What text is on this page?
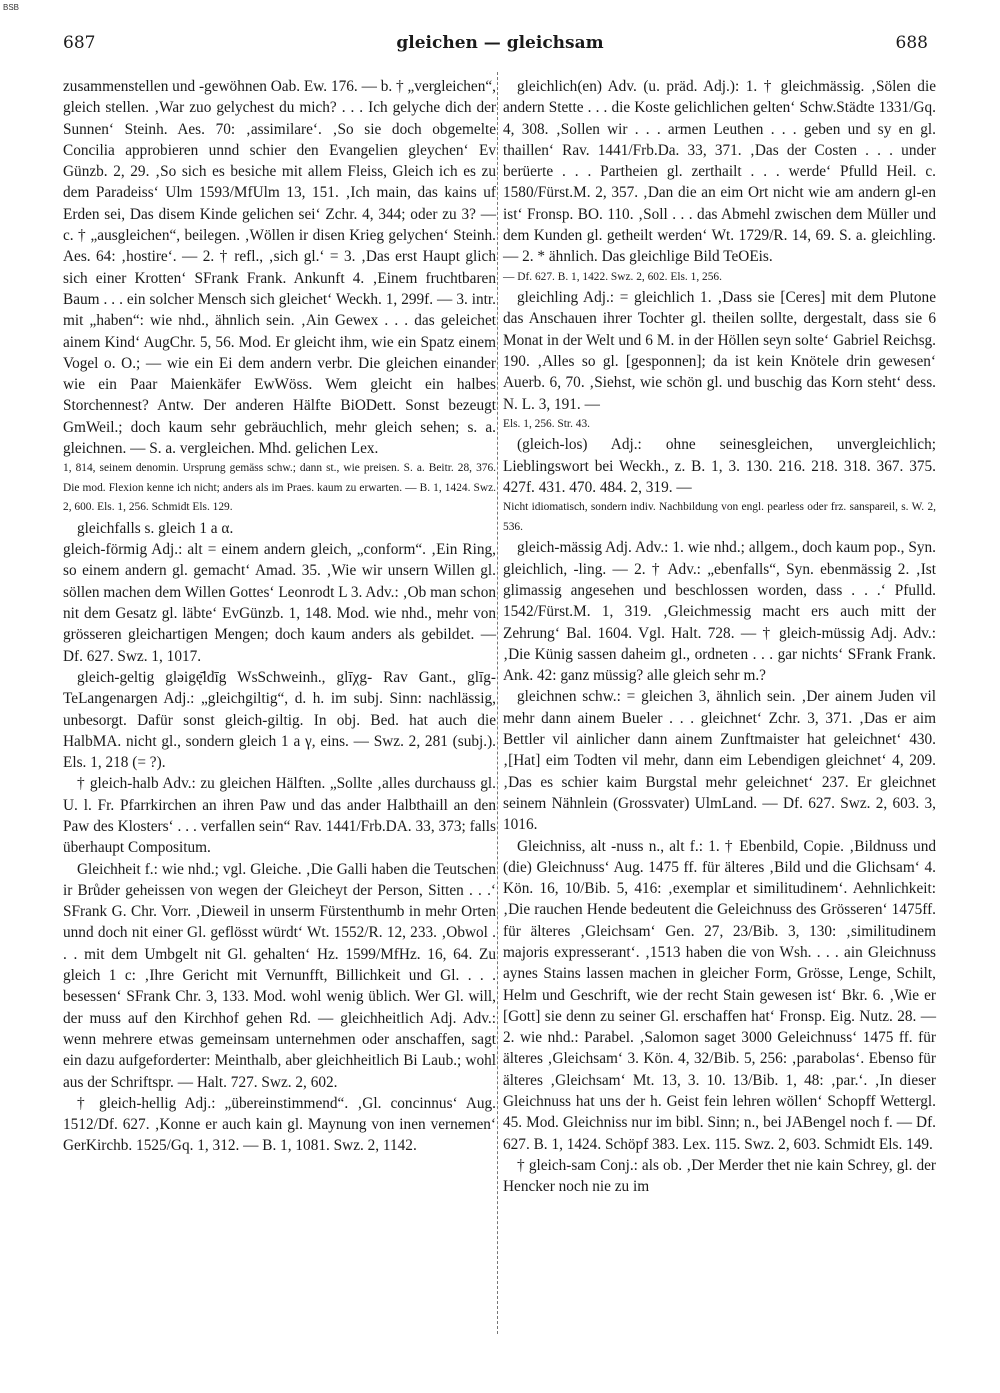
BSB
687	gleichen — gleichsam	688

zusammenstellen und -gewöhnen Oab. Ew. 176. — b. † „vergleichen“, gleich stellen. ‚War zuo gelychest du mich? . . . Ich gelyche dich der Sunnen‘ Steinh. Aes. 70: ‚assimilare‘. ‚So sie doch obgemelte Concilia approbieren unnd schier den Evangelien gleychen‘ Ev Günzb. 2, 29. ‚So sich es besiche mit allem Fleiss, Gleich ich es zu dem Paradeiss‘ Ulm 1593/MfUlm 13, 151. ‚Ich main, das kains uf Erden sei, Das disem Kinde gelichen sei‘ Zchr. 4, 344; oder zu 3? — c. † „ausgleichen“, beilegen. ‚Wöllen ir disen Krieg gelychen‘ Steinh. Aes. 64: ‚hostire‘. — 2. † refl., ‚sich gl.‘ = 3. ‚Das erst Haupt glich sich einer Krotten‘ SFrank Frank. Ankunft 4. ‚Einem fruchtbaren Baum . . . ein solcher Mensch sich gleichet‘ Weckh. 1, 299f. — 3. intr. mit „haben“: wie nhd., ähnlich sein. ‚Ain Gewex . . . das geleichet ainem Kind‘ AugChr. 5, 56. Mod. Er gleicht ihm, wie ein Spatz einem Vogel o. O.; — wie ein Ei dem andern verbr. Die gleichen einander wie ein Paar Maienkäfer EwWöss. Wem gleicht ein halbes Storchennest? Antw. Der anderen Hälfte BiODett. Sonst bezeugt GmWeil.; doch kaum sehr gebräuchlich, mehr gleich sehen; s. a. gleichnen. — S. a. vergleichen. Mhd. gelichen Lex.

1, 814, seinem denomin. Ursprung gemäss schw.; dann st., wie preisen. S. a. Beitr. 28, 376. Die mod. Flexion kenne ich nicht; anders als im Praes. kaum zu erwarten. — B. 1, 1424. Swz. 2, 600. Els. 1, 256. Schmidt Els. 129.

gleichfalls s. gleich 1 a α.

gleich-förmig Adj.: alt = einem andern gleich, „conform“. ‚Ein Ring, so einem andern gl. gemacht‘ Amad. 35. ‚Wie wir unsern Willen gl. söllen machen dem Willen Gottes‘ Leonrodt L 3. Adv.: ‚Ob man schon nit dem Gesatz gl. läbte‘ EvGünzb. 1, 148. Mod. wie nhd., mehr von grösseren gleichartigen Mengen; doch kaum anders als gebildet. — Df. 627. Swz. 1, 1017.

gleich-geltig gləigę̄ldīg WsSchweinh., glīχg- Rav Gant., glīg- TeLangenargen Adj.: „gleichgiltig“, d. h. im subj. Sinn: nachlässig, unbesorgt. Dafür sonst gleich-giltig. In obj. Bed. hat auch die HalbMA. nicht gl., sondern gleich 1 a γ, eins. — Swz. 2, 281 (subj.). Els. 1, 218 (= ?).

† gleich-halb Adv.: zu gleichen Hälften. „Sollte ‚alles durchauss gl. U. l. Fr. Pfarrkirchen an ihren Paw und das ander Halbthaill an den Paw des Klosters‘ . . . verfallen sein“ Rav. 1441/Frb.DA. 33, 373; falls überhaupt Compositum.

Gleichheit f.: wie nhd.; vgl. Gleiche. ‚Die Galli haben die Teutschen ir Brůder geheissen von wegen der Gleicheyt der Person, Sitten . . .‘ SFrank G. Chr. Vorr. ‚Dieweil in unserm Fürstenthumb in mehr Orten unnd doch nit einer Gl. geflösst würdt‘ Wt. 1552/R. 12, 233. ‚Obwol . . . mit dem Umbgelt nit Gl. gehalten‘ Hz. 1599/MfHz. 16, 64. Zu gleich 1 c: ‚Ihre Gericht mit Vernunfft, Billichkeit und Gl. . . . besessen‘ SFrank Chr. 3, 133. Mod. wohl wenig üblich. Wer Gl. will, der muss auf den Kirchhof gehen Rd. — gleichheitlich Adj. Adv.: wenn mehrere etwas gemeinsam unternehmen oder anschaffen, sagt ein dazu aufgeforderter: Meinthalb, aber gleichheitlich Bi Laub.; wohl aus der Schriftspr. — Halt. 727. Swz. 2, 602.

† gleich-hellig Adj.: „übereinstimmend“. ‚Gl. concinnus‘ Aug. 1512/Df. 627. ‚Konne er auch kain gl. Maynung von inen vernemen‘ GerKirchb. 1525/Gq. 1, 312. — B. 1, 1081. Swz. 2, 1142.

gleichlich(en) Adv. (u. präd. Adj.): 1. † gleichmässig. ‚Sölen die andern Stette . . . die Koste gelichlichen gelten‘ Schw.Städte 1331/Gq. 4, 308. ‚Sollen wir . . . armen Leuthen . . . geben und sy en gl. thaillen‘ Rav. 1441/Frb.Da. 33, 371. ‚Das der Costen . . . under berüerte . . . Partheien gl. zerthailt . . . werde‘ Pfulld Heil. c. 1580/Fürst.M. 2, 357. ‚Dan die an eim Ort nicht wie am andern gl-en ist‘ Fronsp. BO. 110. ‚Soll . . . das Abmehl zwischen dem Müller und dem Kunden gl. getheilt werden‘ Wt. 1729/R. 14, 69. S. a. gleichling. — 2. * ähnlich. Das gleichlige Bild TeOEis.

— Df. 627. B. 1, 1422. Swz. 2, 602. Els. 1, 256.

gleichling Adj.: = gleichlich 1. ‚Dass sie [Ceres] mit dem Plutone das Anschauen ihrer Tochter gl. theilen sollte, dergestalt, dass sie 6 Monat in der Welt und 6 M. in der Höllen seyn solte‘ Gabriel Reichsg. 190. ‚Alles so gl. [gesponnen]; da ist kein Knötele drin gewesen‘ Auerb. 6, 70. ‚Siehst, wie schön gl. und buschig das Korn steht‘ dess. N. L. 3, 191. —

Els. 1, 256. Str. 43.

(gleich-los) Adj.: ohne seinesgleichen, unvergleichlich; Lieblingswort bei Weckh., z. B. 1, 3. 130. 216. 218. 318. 367. 375. 427f. 431. 470. 484. 2, 319. —

Nicht idiomatisch, sondern indiv. Nachbildung von engl. pearless oder frz. sanspareil, s. W. 2, 536.

gleich-mässig Adj. Adv.: 1. wie nhd.; allgem., doch kaum pop., Syn. gleichlich, -ling. — 2. † Adv.: „ebenfalls“, Syn. ebenmässig 2. ‚Ist glimassig angesehen und beschlossen worden, dass . . .‘ Pfulld. 1542/Fürst.M. 1, 319. ‚Gleichmessig macht ers auch mitt der Zehrung‘ Bal. 1604. Vgl. Halt. 728. — † gleich-müssig Adj. Adv.: ‚Die Künig sassen daheim gl., ordneten . . . gar nichts‘ SFrank Frank. Ank. 42: ganz müssig? alle gleich sehr m.?

gleichnen schw.: = gleichen 3, ähnlich sein. ‚Der ainem Juden vil mehr dann ainem Bueler . . . gleichnet‘ Zchr. 3, 371. ‚Das er aim Bettler vil ainlicher dann ainem Zunftmaister hat geleichnet‘ 430. ‚[Hat] eim Todten vil mehr, dann eim Lebendigen gleichnet‘ 4, 209. ‚Das es schier kaim Burgstal mehr geleichnet‘ 237. Er gleichnet seinem Nähnlein (Grossvater) UlmLand. — Df. 627. Swz. 2, 603. 3, 1016.

Gleichniss, alt -nuss n., alt f.: 1. † Ebenbild, Copie. ‚Bildnuss und (die) Gleichnuss‘ Aug. 1475 ff. für älteres ‚Bild und die Glichsam‘ 4. Kön. 16, 10/Bib. 5, 416: ‚exemplar et similitudinem‘. Aehnlichkeit: ‚Die rauchen Hende bedeutent die Geleichnuss des Grösseren‘ 1475ff. für älteres ‚Gleichsam‘ Gen. 27, 23/Bib. 3, 130: ‚similitudinem majoris expresserant‘. ‚1513 haben die von Wsh. . . . ain Gleichnuss aynes Stains lassen machen in gleicher Form, Grösse, Lenge, Schilt, Helm und Geschrift, wie der recht Stain gewesen ist‘ Bkr. 6. ‚Wie er [Gott] sie denn zu seiner Gl. erschaffen hat‘ Fronsp. Eig. Nutz. 28. — 2. wie nhd.: Parabel. ‚Salomon saget 3000 Geleichnuss‘ 1475 ff. für älteres ‚Gleichsam‘ 3. Kön. 4, 32/Bib. 5, 256: ‚parabolas‘. Ebenso für älteres ‚Gleichsam‘ Mt. 13, 3. 10. 13/Bib. 1, 48: ‚par.‘. ‚In dieser Gleichnuss hat uns der h. Geist fein lehren wöllen‘ Schopff Wettergl. 45. Mod. Gleichniss nur im bibl. Sinn; n., bei JABengel noch f. — Df. 627. B. 1, 1424. Schöpf 383. Lex. 115. Swz. 2, 603. Schmidt Els. 149.

† gleich-sam Conj.: als ob. ‚Der Merder thet nie kain Schrey, gl. der Hencker noch nie zu im
